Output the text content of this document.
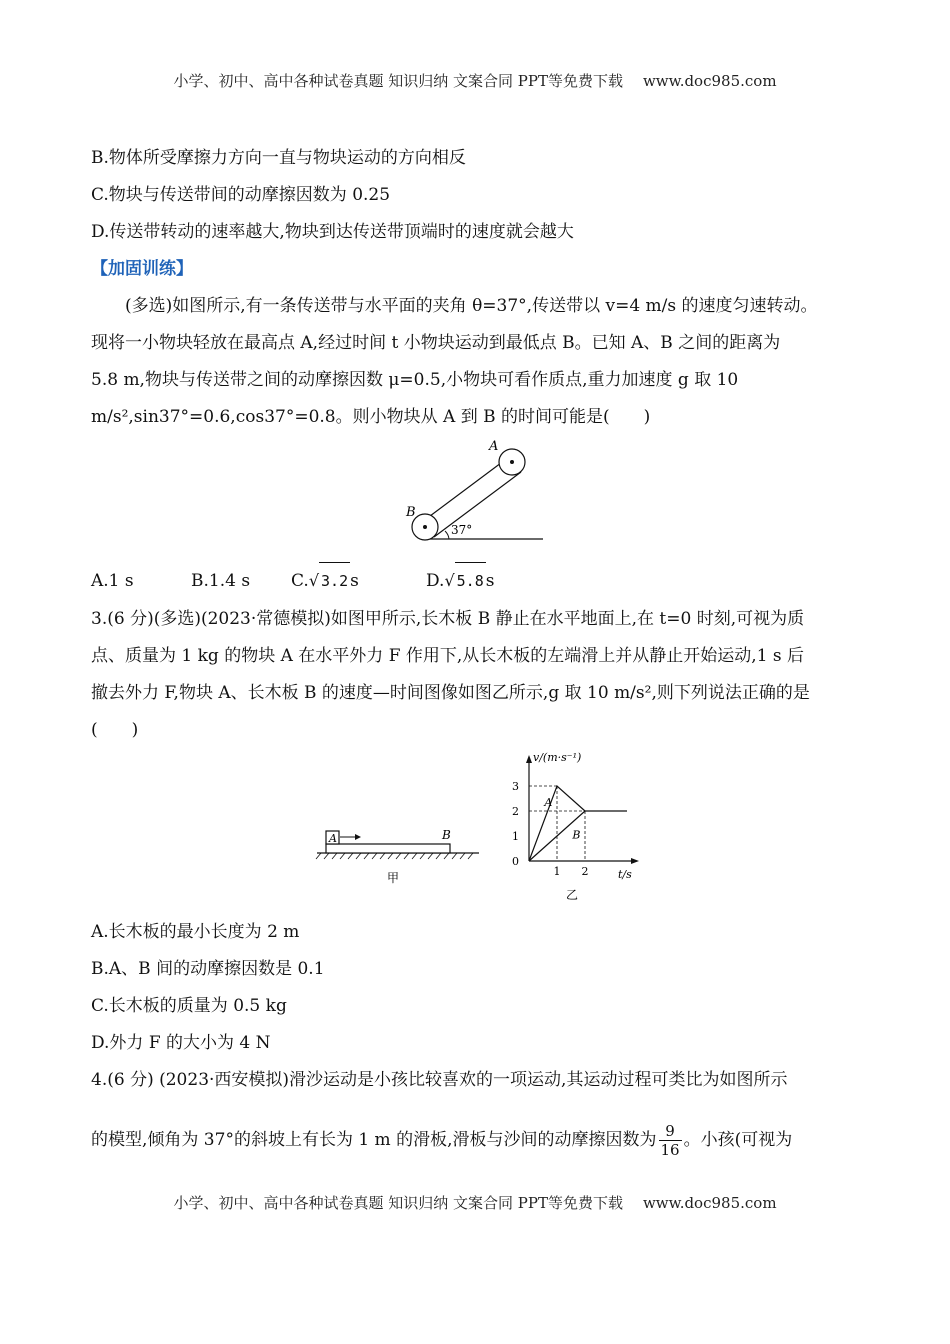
小学、初中、高中各种试卷真题 知识归纳 文案合同 PPT等免费下载 www.doc985.com
B.物体所受摩擦力方向一直与物块运动的方向相反
C.物块与传送带间的动摩擦因数为 0.25
D.传送带转动的速率越大,物块到达传送带顶端时的速度就会越大
【加固训练】
(多选)如图所示,有一条传送带与水平面的夹角 θ=37°,传送带以 v=4 m/s 的速度匀速转动。
现将一小物块轻放在最高点 A,经过时间 t 小物块运动到最低点 B。已知 A、B 之间的距离为
5.8 m,物块与传送带之间的动摩擦因数 μ=0.5,小物块可看作质点,重力加速度 g 取 10
m/s²,sin37°=0.6,cos37°=0.8。则小物块从 A 到 B 的时间可能是(　　)
37°
A
B
A.1 s	B.1.4 s	C.√ 3.2s	D.√ 5.8s
3.(6 分)(多选)(2023·常德模拟)如图甲所示,长木板 B 静止在水平地面上,在 t=0 时刻,可视为质
点、质量为 1 kg 的物块 A 在水平外力 F 作用下,从长木板的左端滑上并从静止开始运动,1 s 后
撤去外力 F,物块 A、长木板 B 的速度—时间图像如图乙所示,g 取 10 m/s²,则下列说法正确的是
(　　)
A	B
甲
v/(m·s⁻¹)
t/s
3
2
1
0
1 2
A
B
乙
A.长木板的最小长度为 2 m
B.A、B 间的动摩擦因数是 0.1
C.长木板的质量为 0.5 kg
D.外力 F 的大小为 4 N
4.(6 分) (2023·西安模拟)滑沙运动是小孩比较喜欢的一项运动,其运动过程可类比为如图所示
的模型,倾角为 37°的斜坡上有长为 1 m 的滑板,滑板与沙间的动摩擦因数为 $\frac{9}{16}$ 。小孩(可视为
小学、初中、高中各种试卷真题 知识归纳 文案合同 PPT等免费下载 www.doc985.com
